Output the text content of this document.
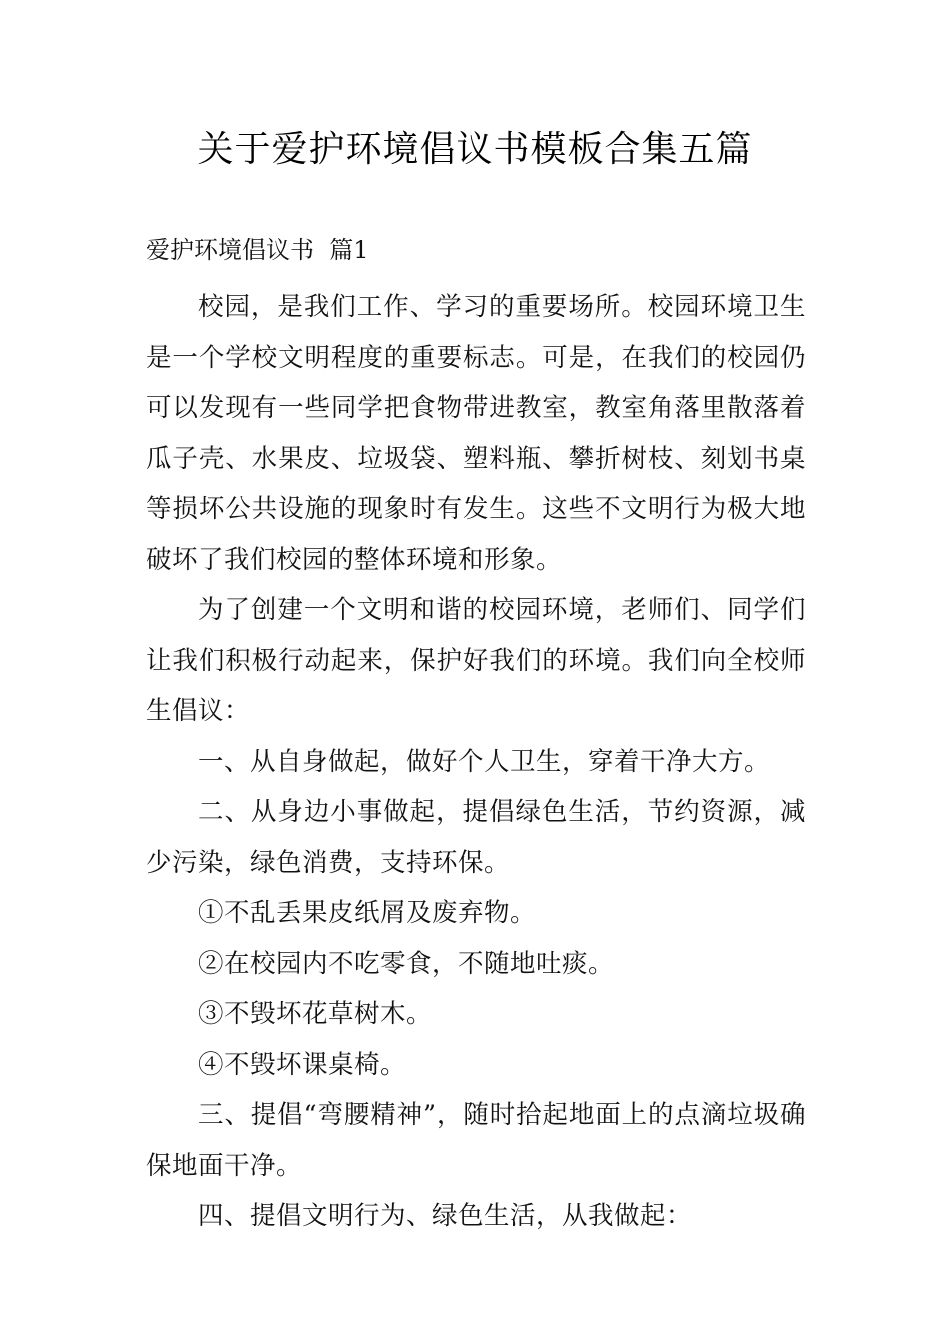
关于爱护环境倡议书模板合集五篇
爱护环境倡议书  篇1

校园，是我们工作、学习的重要场所。校园环境卫生是一个学校文明程度的重要标志。可是，在我们的校园仍可以发现有一些同学把食物带进教室，教室角落里散落着瓜子壳、水果皮、垃圾袋、塑料瓶、攀折树枝、刻划书桌等损坏公共设施的现象时有发生。这些不文明行为极大地破坏了我们校园的整体环境和形象。

为了创建一个文明和谐的校园环境，老师们、同学们让我们积极行动起来，保护好我们的环境。我们向全校师生倡议：

一、从自身做起，做好个人卫生，穿着干净大方。

二、从身边小事做起，提倡绿色生活，节约资源，减少污染，绿色消费，支持环保。

①不乱丢果皮纸屑及废弃物。

②在校园内不吃零食，不随地吐痰。

③不毁坏花草树木。

④不毁坏课桌椅。

三、提倡“弯腰精神”，随时拾起地面上的点滴垃圾确保地面干净。

四、提倡文明行为、绿色生活，从我做起：
